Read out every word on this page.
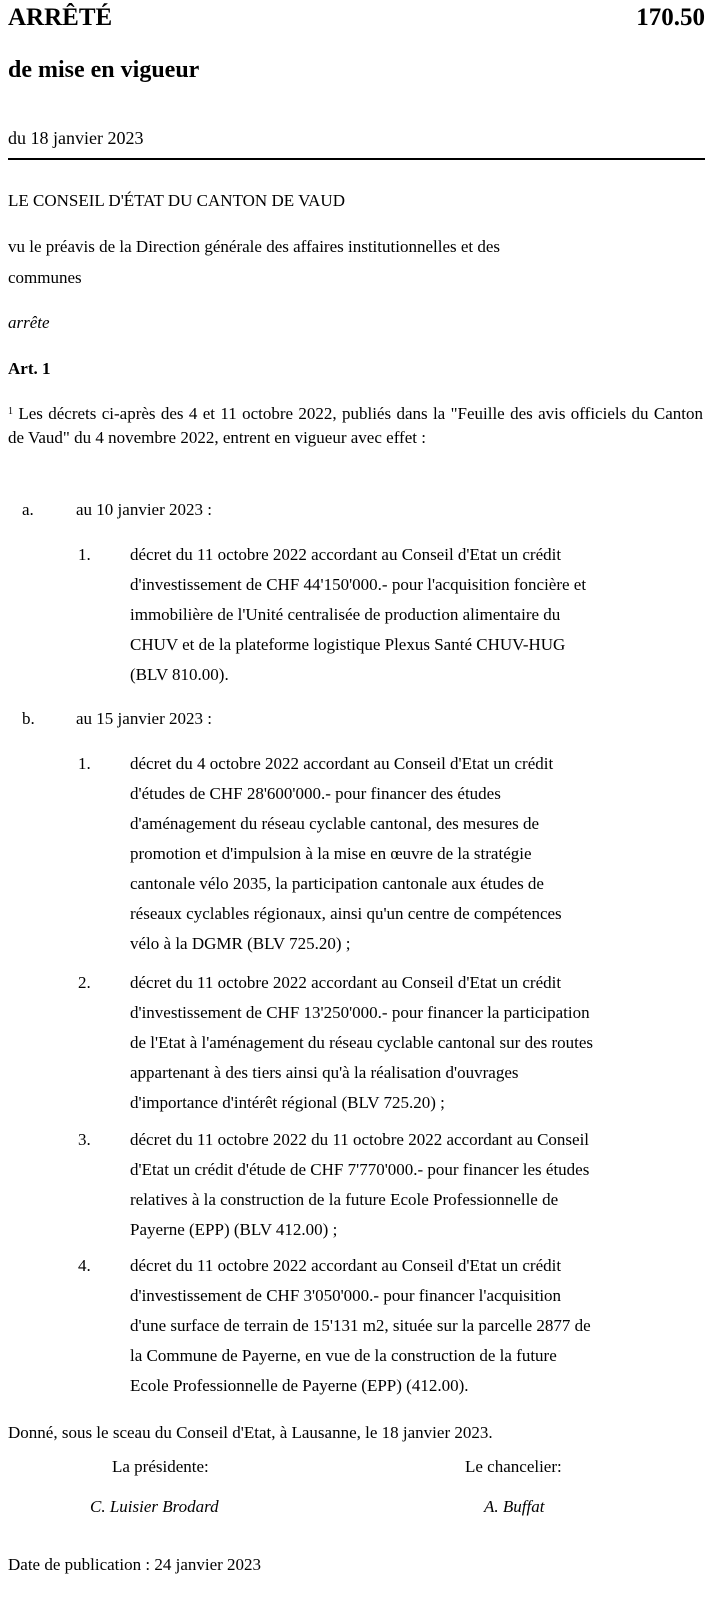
ARRÊTÉ	170.50
de mise en vigueur
du 18 janvier 2023
LE CONSEIL D'ÉTAT DU CANTON DE VAUD
vu le préavis de la Direction générale des affaires institutionnelles et des
communes
arrête
Art. 1
$^1$ Les décrets ci-après des 4 et 11 octobre 2022, publiés dans la "Feuille des avis officiels du Canton de Vaud" du 4 novembre 2022, entrent en vigueur avec effet :
a. au 10 janvier 2023 :
1. décret du 11 octobre 2022 accordant au Conseil d'Etat un crédit
d'investissement de CHF 44'150'000.- pour l'acquisition foncière et
immobilière de l'Unité centralisée de production alimentaire du
CHUV et de la plateforme logistique Plexus Santé CHUV-HUG
(BLV 810.00).
b. au 15 janvier 2023 :
1. décret du 4 octobre 2022 accordant au Conseil d'Etat un crédit
d'études de CHF 28'600'000.- pour financer des études
d'aménagement du réseau cyclable cantonal, des mesures de
promotion et d'impulsion à la mise en œuvre de la stratégie
cantonale vélo 2035, la participation cantonale aux études de
réseaux cyclables régionaux, ainsi qu'un centre de compétences
vélo à la DGMR (BLV 725.20) ;
2. décret du 11 octobre 2022 accordant au Conseil d'Etat un crédit
d'investissement de CHF 13'250'000.- pour financer la participation
de l'Etat à l'aménagement du réseau cyclable cantonal sur des routes
appartenant à des tiers ainsi qu'à la réalisation d'ouvrages
d'importance d'intérêt régional (BLV 725.20) ;
3. décret du 11 octobre 2022 du 11 octobre 2022 accordant au Conseil
d'Etat un crédit d'étude de CHF 7'770'000.- pour financer les études
relatives à la construction de la future Ecole Professionnelle de
Payerne (EPP) (BLV 412.00) ;
4. décret du 11 octobre 2022 accordant au Conseil d'Etat un crédit
d'investissement de CHF 3'050'000.- pour financer l'acquisition
d'une surface de terrain de 15'131 m2, située sur la parcelle 2877 de
la Commune de Payerne, en vue de la construction de la future
Ecole Professionnelle de Payerne (EPP) (412.00).
Donné, sous le sceau du Conseil d'Etat, à Lausanne, le 18 janvier 2023.
La présidente:	Le chancelier:
C. Luisier Brodard	A. Buffat
Date de publication : 24 janvier 2023
